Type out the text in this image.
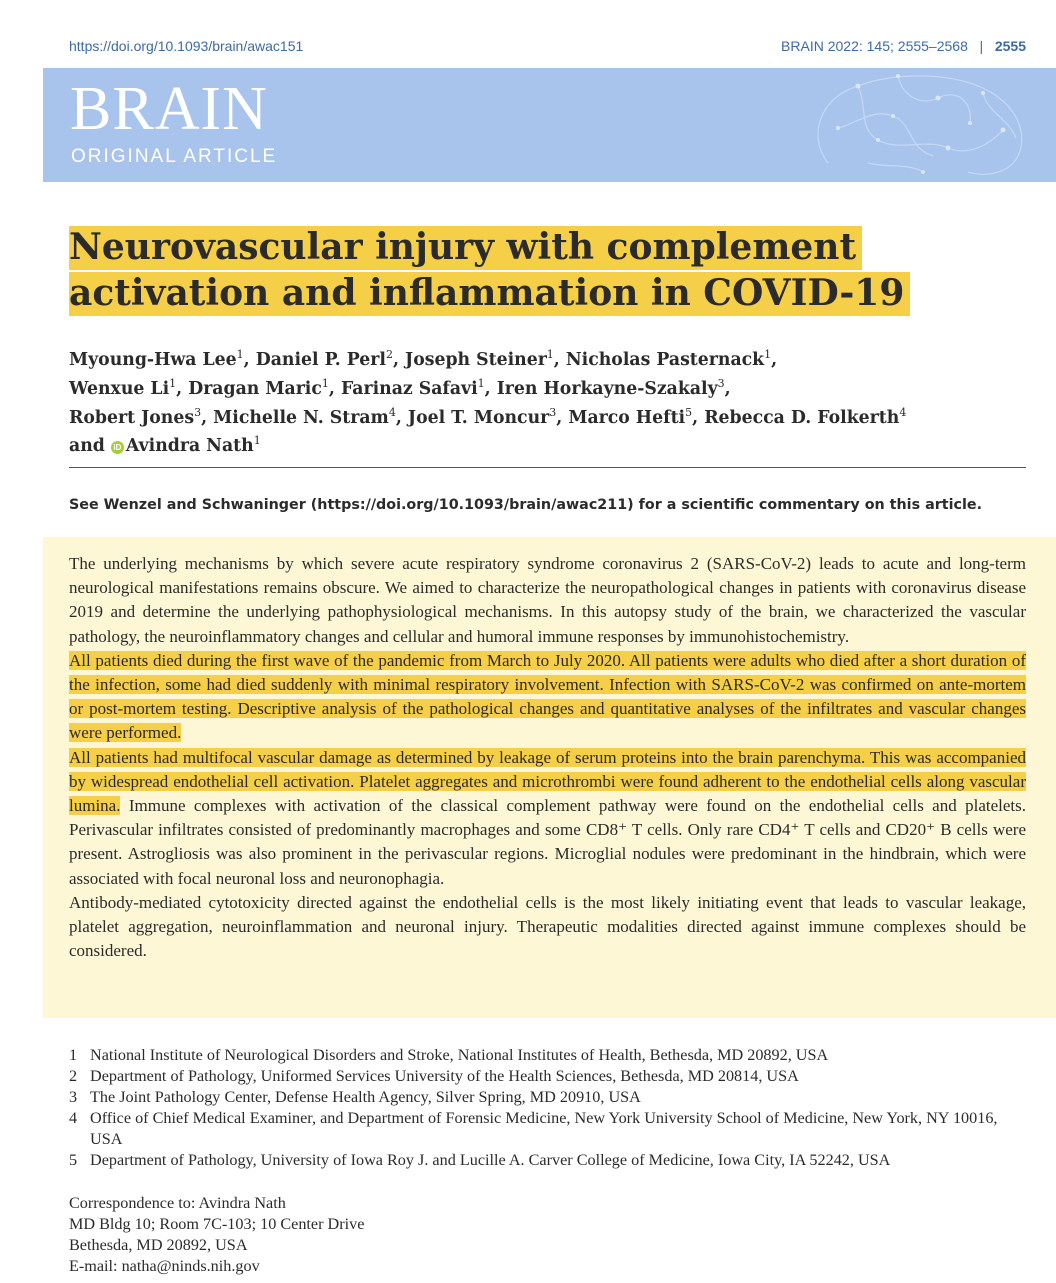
https://doi.org/10.1093/brain/awac151	BRAIN 2022: 145; 2555–2568 | 2555
BRAIN
ORIGINAL ARTICLE
Neurovascular injury with complement
activation and inflammation in COVID-19
Myoung-Hwa Lee$^1$, Daniel P. Perl$^2$, Joseph Steiner$^1$, Nicholas Pasternack$^1$,
Wenxue Li$^1$, Dragan Maric$^1$, Farinaz Safavi$^1$, Iren Horkayne-Szakaly$^3$,
Robert Jones$^3$, Michelle N. Stram$^4$, Joel T. Moncur$^3$, Marco Hefti$^5$, Rebecca D. Folkerth$^4$
and iD Avindra Nath$^1$
See Wenzel and Schwaninger (https://doi.org/10.1093/brain/awac211) for a scientific commentary on this article.

The underlying mechanisms by which severe acute respiratory syndrome coronavirus 2 (SARS-CoV-2) leads to acute and long-term neurological manifestations remains obscure. We aimed to characterize the neuropathological changes in patients with coronavirus disease 2019 and determine the underlying pathophysiological mechanisms. In this autopsy study of the brain, we characterized the vascular pathology, the neuroinflammatory changes and cellular and humoral immune responses by immunohistochemistry.

All patients died during the first wave of the pandemic from March to July 2020. All patients were adults who died after a short duration of the infection, some had died suddenly with minimal respiratory involvement. Infection with SARS-CoV-2 was confirmed on ante-mortem or post-mortem testing. Descriptive analysis of the pathological changes and quantitative analyses of the infiltrates and vascular changes were performed.

All patients had multifocal vascular damage as determined by leakage of serum proteins into the brain parenchyma. This was accompanied by widespread endothelial cell activation. Platelet aggregates and microthrombi were found adherent to the endothelial cells along vascular lumina. Immune complexes with activation of the classical complement pathway were found on the endothelial cells and platelets. Perivascular infiltrates consisted of predominantly macrophages and some CD8⁺ T cells. Only rare CD4⁺ T cells and CD20⁺ B cells were present. Astrogliosis was also prominent in the perivascular regions. Microglial nodules were predominant in the hindbrain, which were associated with focal neuronal loss and neuronophagia.

Antibody-mediated cytotoxicity directed against the endothelial cells is the most likely initiating event that leads to vascular leakage, platelet aggregation, neuroinflammation and neuronal injury. Therapeutic modalities directed against immune complexes should be considered.

1 National Institute of Neurological Disorders and Stroke, National Institutes of Health, Bethesda, MD 20892, USA
2 Department of Pathology, Uniformed Services University of the Health Sciences, Bethesda, MD 20814, USA
3 The Joint Pathology Center, Defense Health Agency, Silver Spring, MD 20910, USA
4 Office of Chief Medical Examiner, and Department of Forensic Medicine, New York University School of Medicine, New York, NY 10016, USA
5 Department of Pathology, University of Iowa Roy J. and Lucille A. Carver College of Medicine, Iowa City, IA 52242, USA
Correspondence to: Avindra Nath
MD Bldg 10; Room 7C-103; 10 Center Drive
Bethesda, MD 20892, USA
E-mail: natha@ninds.nih.gov
